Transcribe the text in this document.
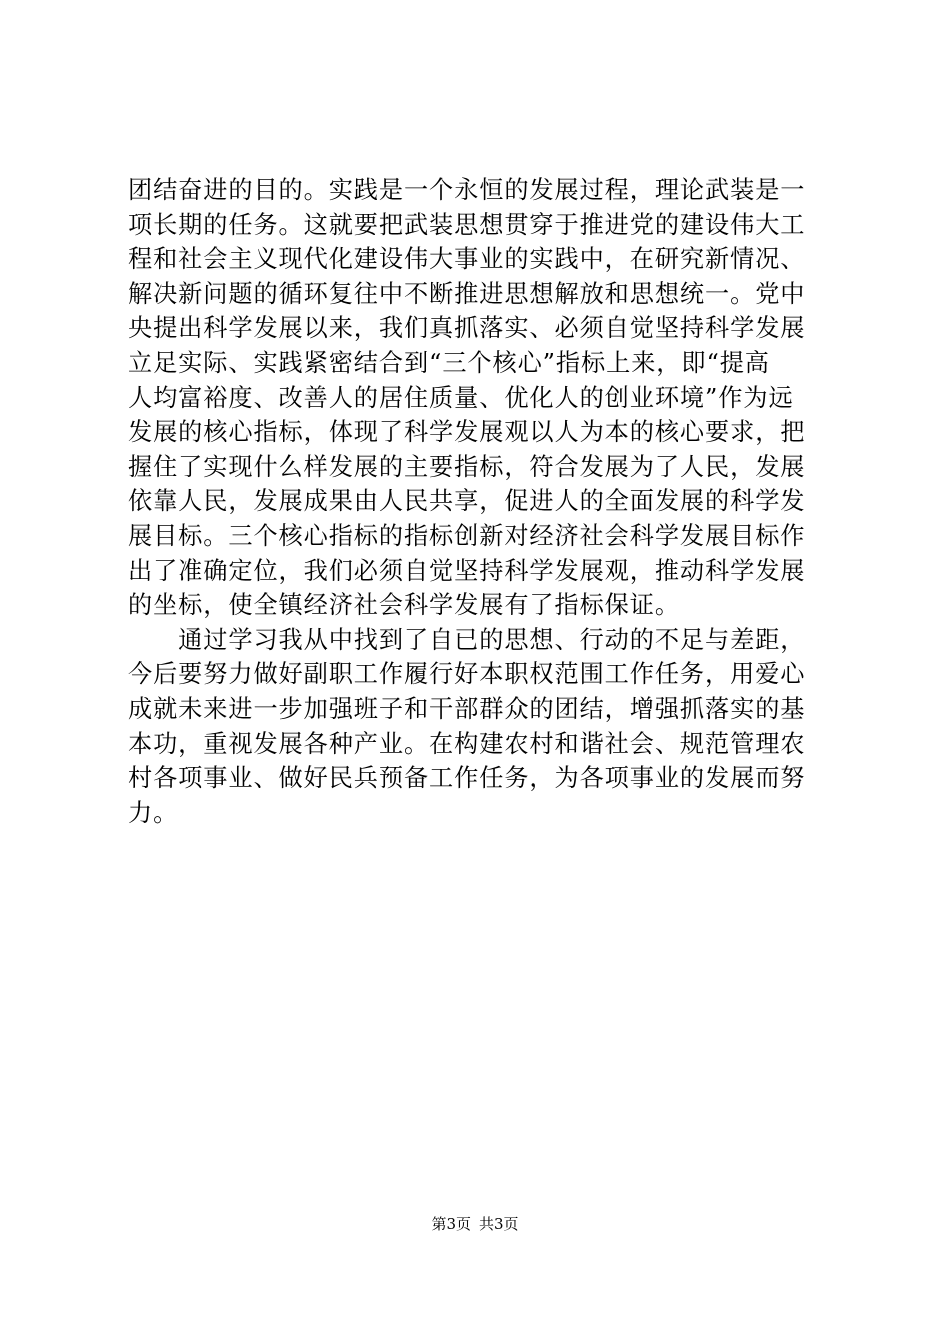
团结奋进的目的。实践是一个永恒的发展过程，理论武装是一
项长期的任务。这就要把武装思想贯穿于推进党的建设伟大工
程和社会主义现代化建设伟大事业的实践中，在研究新情况、
解决新问题的循环复往中不断推进思想解放和思想统一。党中
央提出科学发展以来，我们真抓落实、必须自觉坚持科学发展
立足实际、实践紧密结合到“三个核心”指标上来，即“提高
人均富裕度、改善人的居住质量、优化人的创业环境”作为远
发展的核心指标，体现了科学发展观以人为本的核心要求，把
握住了实现什么样发展的主要指标，符合发展为了人民，发展
依靠人民，发展成果由人民共享，促进人的全面发展的科学发
展目标。三个核心指标的指标创新对经济社会科学发展目标作
出了准确定位，我们必须自觉坚持科学发展观，推动科学发展
的坐标，使全镇经济社会科学发展有了指标保证。
　　通过学习我从中找到了自已的思想、行动的不足与差距，
今后要努力做好副职工作履行好本职权范围工作任务，用爱心
成就未来进一步加强班子和干部群众的团结，增强抓落实的基
本功，重视发展各种产业。在构建农村和谐社会、规范管理农
村各项事业、做好民兵预备工作任务，为各项事业的发展而努
力。
第3页 共3页
